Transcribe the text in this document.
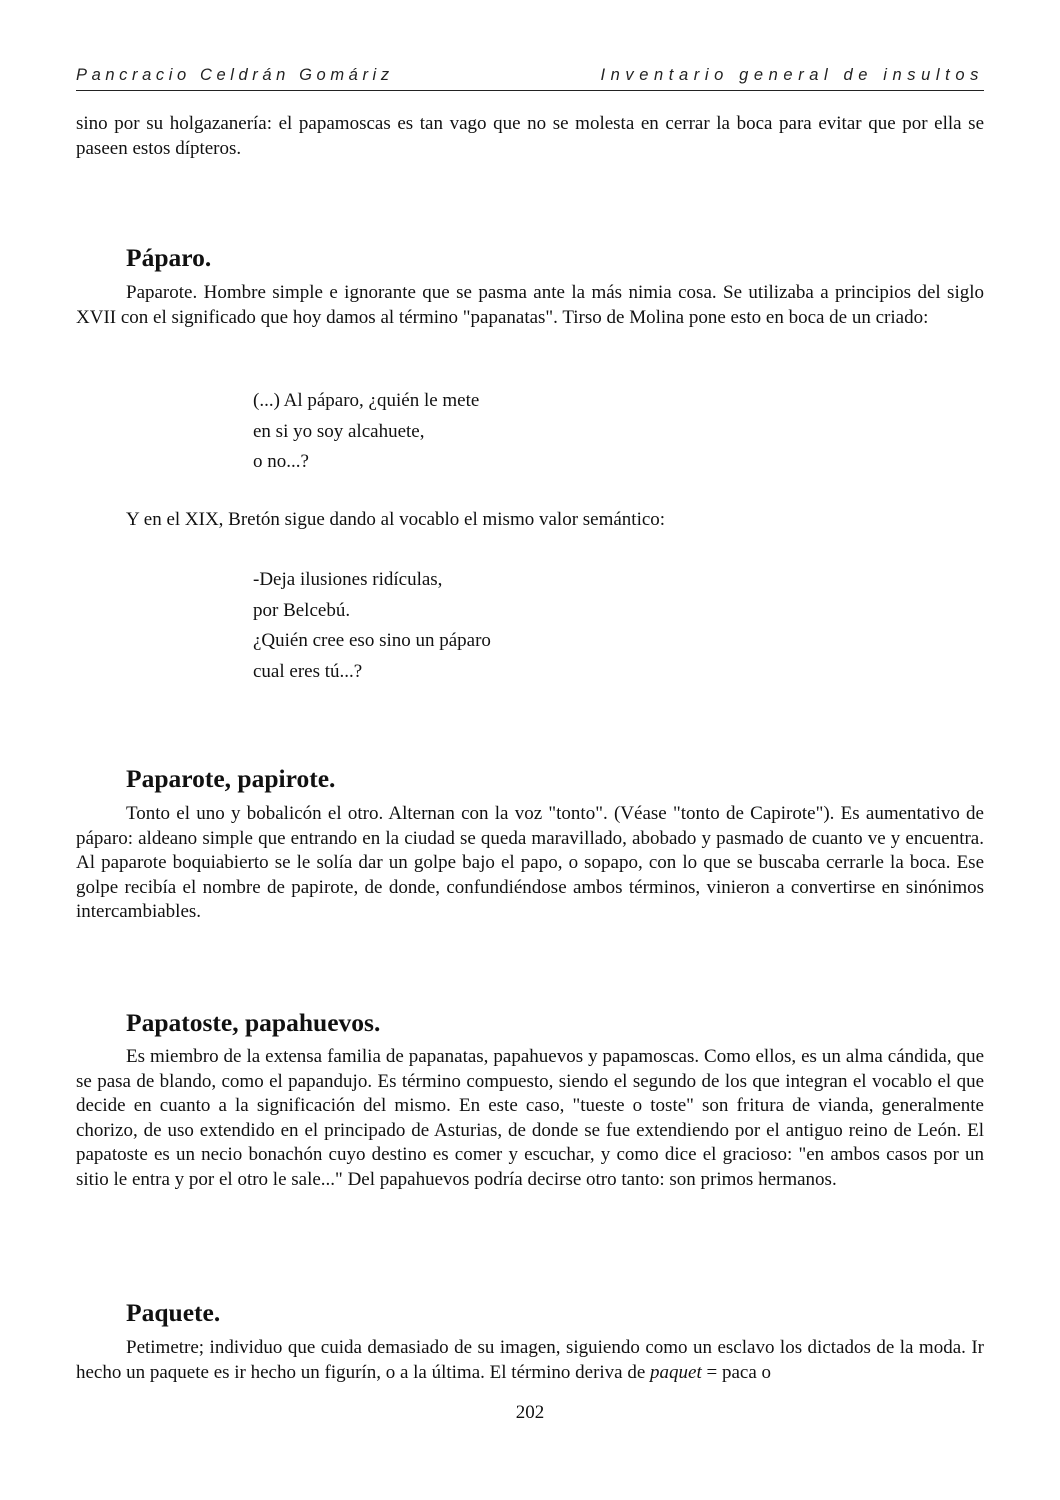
Pancracio Celdrán Gomáriz	Inventario general de insultos

sino por su holgazanería: el papamoscas es tan vago que no se molesta en cerrar la boca para evitar que por ella se paseen estos dípteros.

Páparo.

Paparote. Hombre simple e ignorante que se pasma ante la más nimia cosa. Se utilizaba a principios del siglo XVII con el significado que hoy damos al término "papanatas". Tirso de Molina pone esto en boca de un criado:

(...) Al páparo, ¿quién le mete
en si yo soy alcahuete,
o no...?

Y en el XIX, Bretón sigue dando al vocablo el mismo valor semántico:

-Deja ilusiones ridículas,
por Belcebú.
¿Quién cree eso sino un páparo
cual eres tú...?
Paparote, papirote.

Tonto el uno y bobalicón el otro. Alternan con la voz "tonto". (Véase "tonto de Capirote"). Es aumentativo de páparo: aldeano simple que entrando en la ciudad se queda maravillado, abobado y pasmado de cuanto ve y encuentra. Al paparote boquiabierto se le solía dar un golpe bajo el papo, o sopapo, con lo que se buscaba cerrarle la boca. Ese golpe recibía el nombre de papirote, de donde, confundiéndose ambos términos, vinieron a convertirse en sinónimos intercambiables.

Papatoste, papahuevos.

Es miembro de la extensa familia de papanatas, papahuevos y papamoscas. Como ellos, es un alma cándida, que se pasa de blando, como el papandujo. Es término compuesto, siendo el segundo de los que integran el vocablo el que decide en cuanto a la significación del mismo. En este caso, "tueste o toste" son fritura de vianda, generalmente chorizo, de uso extendido en el principado de Asturias, de donde se fue extendiendo por el antiguo reino de León. El papatoste es un necio bonachón cuyo destino es comer y escuchar, y como dice el gracioso: "en ambos casos por un sitio le entra y por el otro le sale..." Del papahuevos podría decirse otro tanto: son primos hermanos.

Paquete.

Petimetre; individuo que cuida demasiado de su imagen, siguiendo como un esclavo los dictados de la moda. Ir hecho un paquete es ir hecho un figurín, o a la última. El término deriva de paquet = paca o

202
